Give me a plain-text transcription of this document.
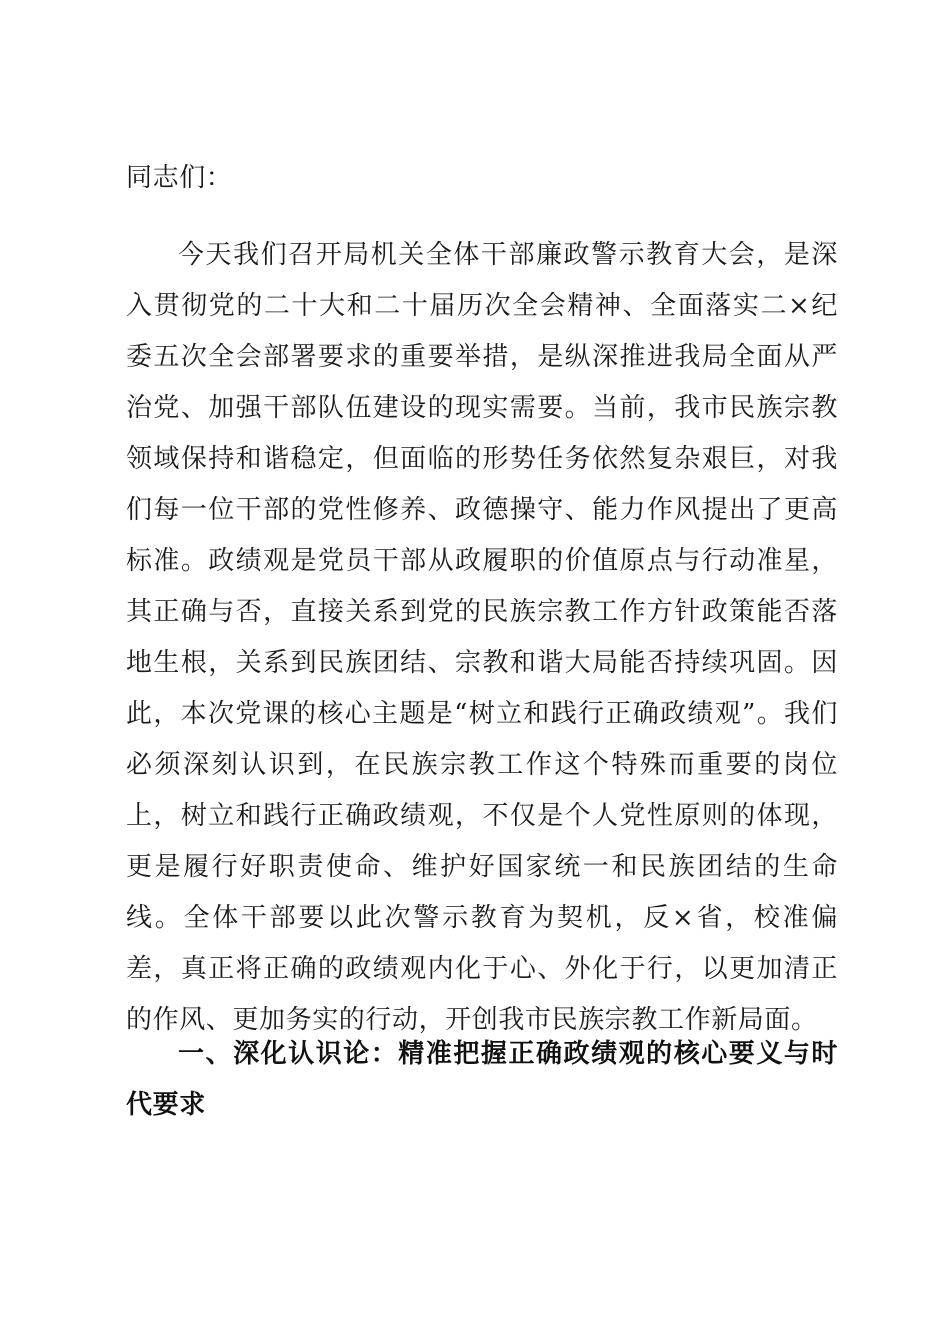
同志们：
今天我们召开局机关全体干部廉政警示教育大会，是深入贯彻党的二十大和二十届历次全会精神、全面落实二×纪委五次全会部署要求的重要举措，是纵深推进我局全面从严治党、加强干部队伍建设的现实需要。当前，我市民族宗教领域保持和谐稳定，但面临的形势任务依然复杂艰巨，对我们每一位干部的党性修养、政德操守、能力作风提出了更高标准。政绩观是党员干部从政履职的价值原点与行动准星，其正确与否，直接关系到党的民族宗教工作方针政策能否落地生根，关系到民族团结、宗教和谐大局能否持续巩固。因此，本次党课的核心主题是“树立和践行正确政绩观”。我们必须深刻认识到，在民族宗教工作这个特殊而重要的岗位上，树立和践行正确政绩观，不仅是个人党性原则的体现，更是履行好职责使命、维护好国家统一和民族团结的生命线。全体干部要以此次警示教育为契机，反×省，校准偏差，真正将正确的政绩观内化于心、外化于行，以更加清正的作风、更加务实的行动，开创我市民族宗教工作新局面。
一、深化认识论：精准把握正确政绩观的核心要义与时代要求
